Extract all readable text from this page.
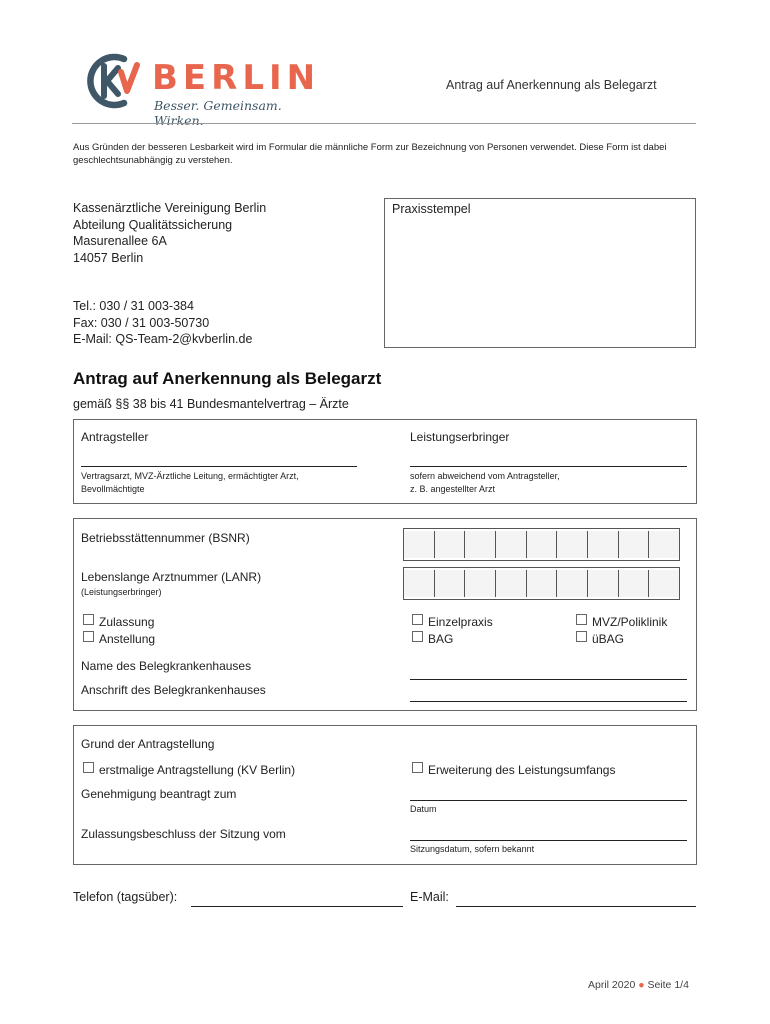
BERLIN
Besser. Gemeinsam. Wirken.
Antrag auf Anerkennung als Belegarzt
Aus Gründen der besseren Lesbarkeit wird im Formular die männliche Form zur Bezeichnung von Personen verwendet. Diese Form ist dabei geschlechtsunabhängig zu verstehen.
Kassenärztliche Vereinigung Berlin
Abteilung Qualitätssicherung
Masurenallee 6A
14057 Berlin
Tel.: 030 / 31 003-384
Fax: 030 / 31 003-50730
E-Mail: QS-Team-2@kvberlin.de
Praxisstempel
Antrag auf Anerkennung als Belegarzt
gemäß §§ 38 bis 41 Bundesmantelvertrag – Ärzte
Antragsteller
Vertragsarzt, MVZ-Ärztliche Leitung, ermächtigter Arzt,
Bevollmächtigte
Leistungserbringer
sofern abweichend vom Antragsteller,
z. B. angestellter Arzt
Betriebsstättennummer (BSNR)
Lebenslange Arztnummer (LANR)
(Leistungserbringer)
Zulassung
Anstellung
Einzelpraxis
BAG
MVZ/Poliklinik
üBAG
Name des Belegkrankenhauses
Anschrift des Belegkrankenhauses
Grund der Antragstellung
erstmalige Antragstellung (KV Berlin)	Erweiterung des Leistungsumfangs
Genehmigung beantragt zum
Datum
Zulassungsbeschluss der Sitzung vom
Sitzungsdatum, sofern bekannt
Telefon (tagsüber):	E-Mail:
April 2020 ● Seite 1/4
